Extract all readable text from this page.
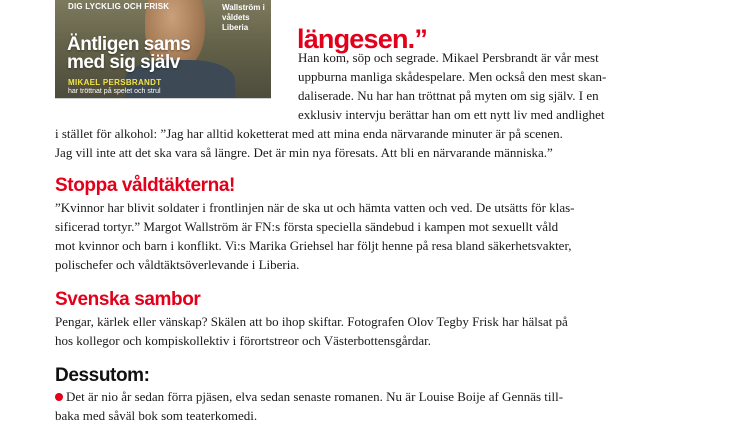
DIG LYCKLIG OCH FRISK	Wallström i våldets Liberia
Äntligen sams med sig själv
MIKAEL PERSBRANDT
har tröttnat på spelet och strul
längesen.”
Han kom, söp och segrade. Mikael Persbrandt är vår mest
uppburna manliga skådespelare. Men också den mest skan-
daliserade. Nu har han tröttnat på myten om sig själv. I en
exklusiv intervju berättar han om ett nytt liv med andlighet
i stället för alkohol: ”Jag har alltid koketterat med att mina enda närvarande minuter är på scenen.
Jag vill inte att det ska vara så längre. Det är min nya föresats. Att bli en närvarande människa.”
Stoppa våldtäkterna!
”Kvinnor har blivit soldater i frontlinjen när de ska ut och hämta vatten och ved. De utsätts för klas-
sificerad tortyr.” Margot Wallström är FN:s första speciella sändebud i kampen mot sexuellt våld
mot kvinnor och barn i konflikt. Vi:s Marika Griehsel har följt henne på resa bland säkerhetsvakter,
polischefer och våldtäktsöverlevande i Liberia.
Svenska sambor
Pengar, kärlek eller vänskap? Skälen att bo ihop skiftar. Fotografen Olov Tegby Frisk har hälsat på
hos kollegor och kompiskollektiv i förortstreor och Västerbottensgårdar.
Dessutom:
Det är nio år sedan förra pjäsen, elva sedan senaste romanen. Nu är Louise Boije af Gennäs till-
baka med såväl bok som teaterkomedi.
